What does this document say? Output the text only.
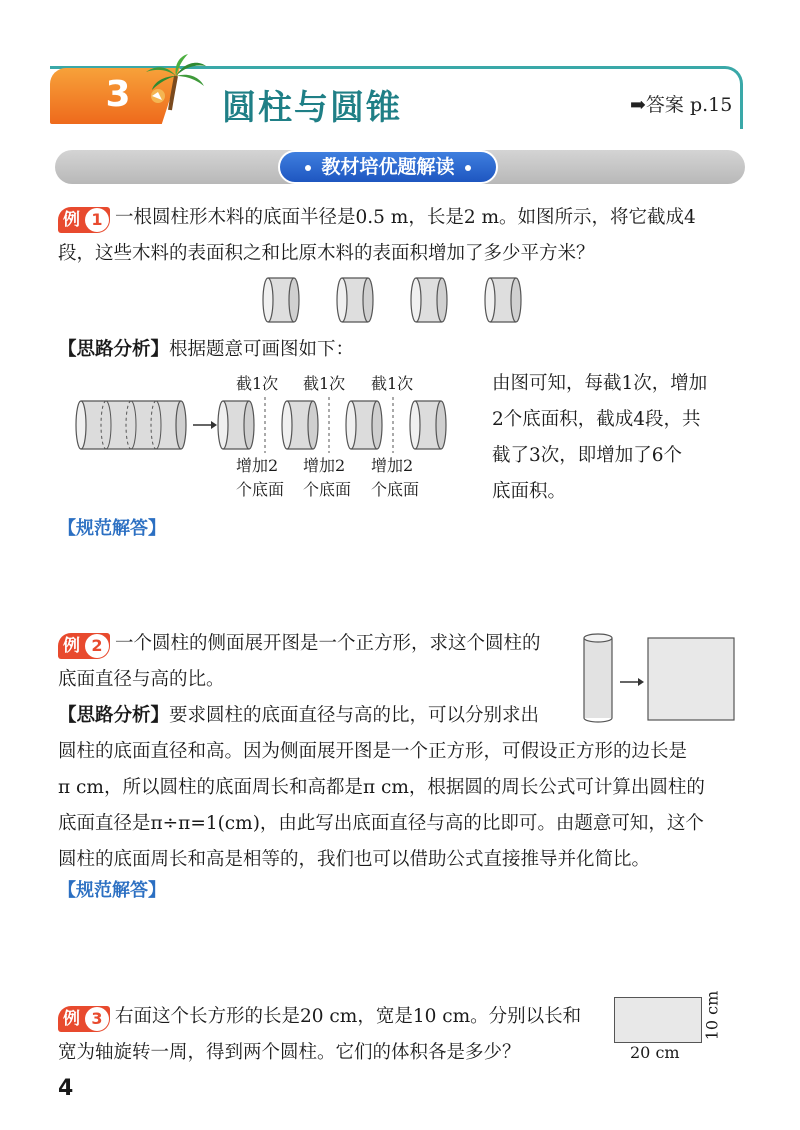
3	圆柱与圆锥	➡答案 p.15
教材培优题解读
例 1 一根圆柱形木料的底面半径是0.5 m，长是2 m。如图所示，将它截成4
段，这些木料的表面积之和比原木料的表面积增加了多少平方米？
【思路分析】根据题意可画图如下：
截1次 截1次 截1次
增加2
个底面
增加2
个底面
增加2
个底面
由图可知，每截1次，增加
2个底面积，截成4段，共
截了3次，即增加了6个
底面积。
【规范解答】
例 2 一个圆柱的侧面展开图是一个正方形，求这个圆柱的
底面直径与高的比。
【思路分析】要求圆柱的底面直径与高的比，可以分别求出
圆柱的底面直径和高。因为侧面展开图是一个正方形，可假设正方形的边长是
π cm，所以圆柱的底面周长和高都是π cm，根据圆的周长公式可计算出圆柱的
底面直径是π÷π=1(cm)，由此写出底面直径与高的比即可。由题意可知，这个
圆柱的底面周长和高是相等的，我们也可以借助公式直接推导并化简比。
【规范解答】
例 3 右面这个长方形的长是20 cm，宽是10 cm。分别以长和
宽为轴旋转一周，得到两个圆柱。它们的体积各是多少？	20 cm
10 cm
4
